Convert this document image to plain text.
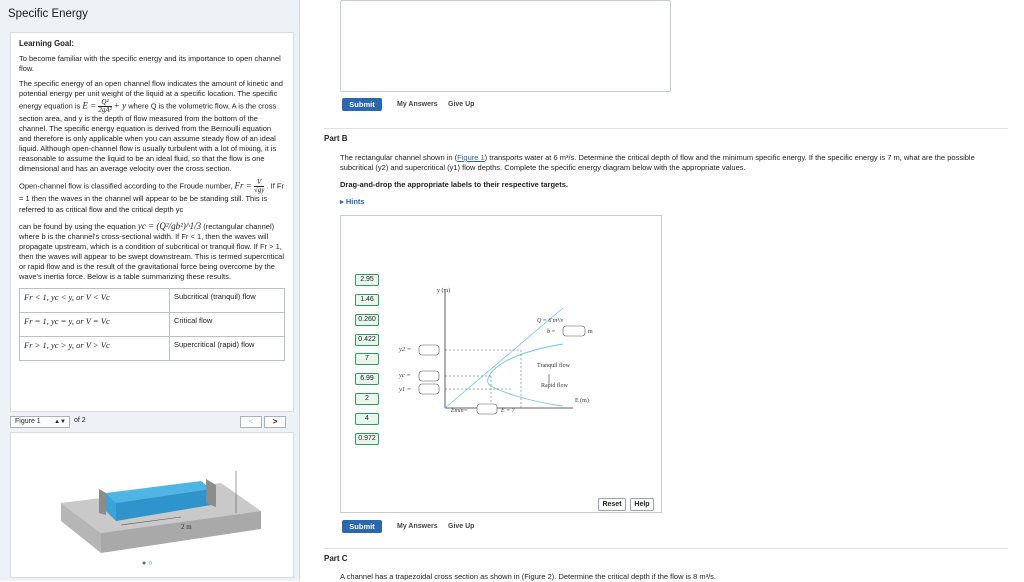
Specific Energy
Learning Goal:

To become familiar with the specific energy and its importance to open channel flow.

The specific energy of an open channel flow indicates the amount of kinetic and potential energy per unit weight of the liquid at a specific location. The specific energy equation is $E = \frac{\text{Q²}}{\text{2gA²}} + y$ where Q is the volumetric flow, A is the cross section area, and y is the depth of flow measured from the bottom of the channel. The specific energy equation is derived from the Bernoulli equation and therefore is only applicable when you can assume steady flow of an ideal liquid. Although open-channel flow is usually turbulent with a lot of mixing, it is reasonable to assume the liquid to be an ideal fluid, so that the flow is one dimensional and has an average velocity over the cross section.

Open-channel flow is classified according to the Froude number, $Fr = \frac{V}{√gy}$ . If Fr = 1 then the waves in the channel will appear to be be standing still. This is referred to as critical flow and the critical depth yc

can be found by using the equation yc = (Q²/gb²)^1/3 (rectangular channel) where b is the channel's cross-sectional width. If Fr < 1, then the waves will propagate upstream, which is a condition of subcritical or tranquil flow. If Fr > 1, then the waves will appear to be swept downstream. This is termed supercritical or rapid flow and is the result of the gravitational force being overcome by the wave's inertia force. Below is a table summarizing these results.

Fr < 1, yc < y, or V < Vc	Subcritical (tranquil) flow
Fr = 1, yc = y, or V = Vc	Critical flow
Fr > 1, yc > y, or V > Vc	Supercritical (rapid) flow
Figure 1 ▲▼ of 2	<	>
2 m
●○
Submit	My Answers Give Up
Part B
The rectangular channel shown in (Figure 1) transports water at 6 m³/s. Determine the critical depth of flow and the minimum specific energy. If the specific energy is 7 m, what are the possible subcritical (y2) and supercritical (y1) flow depths. Complete the specific energy diagram below with the appropriate values.
Drag-and-drop the appropriate labels to their respective targets.
▸ Hints
y (m)
E (m)
y2 =
yc =
y1 =
Emin=	E = 7
Q = 6 m³/s
b =	m
Tranquil flow
Rapid flow
2.95
1.46
0.260
0.422
7
6.99
2
4
0.972
Reset	Help
Submit	My Answers Give Up
Part C
A channel has a trapezoidal cross section as shown in (Figure 2). Determine the critical depth if the flow is 8 m³/s.
